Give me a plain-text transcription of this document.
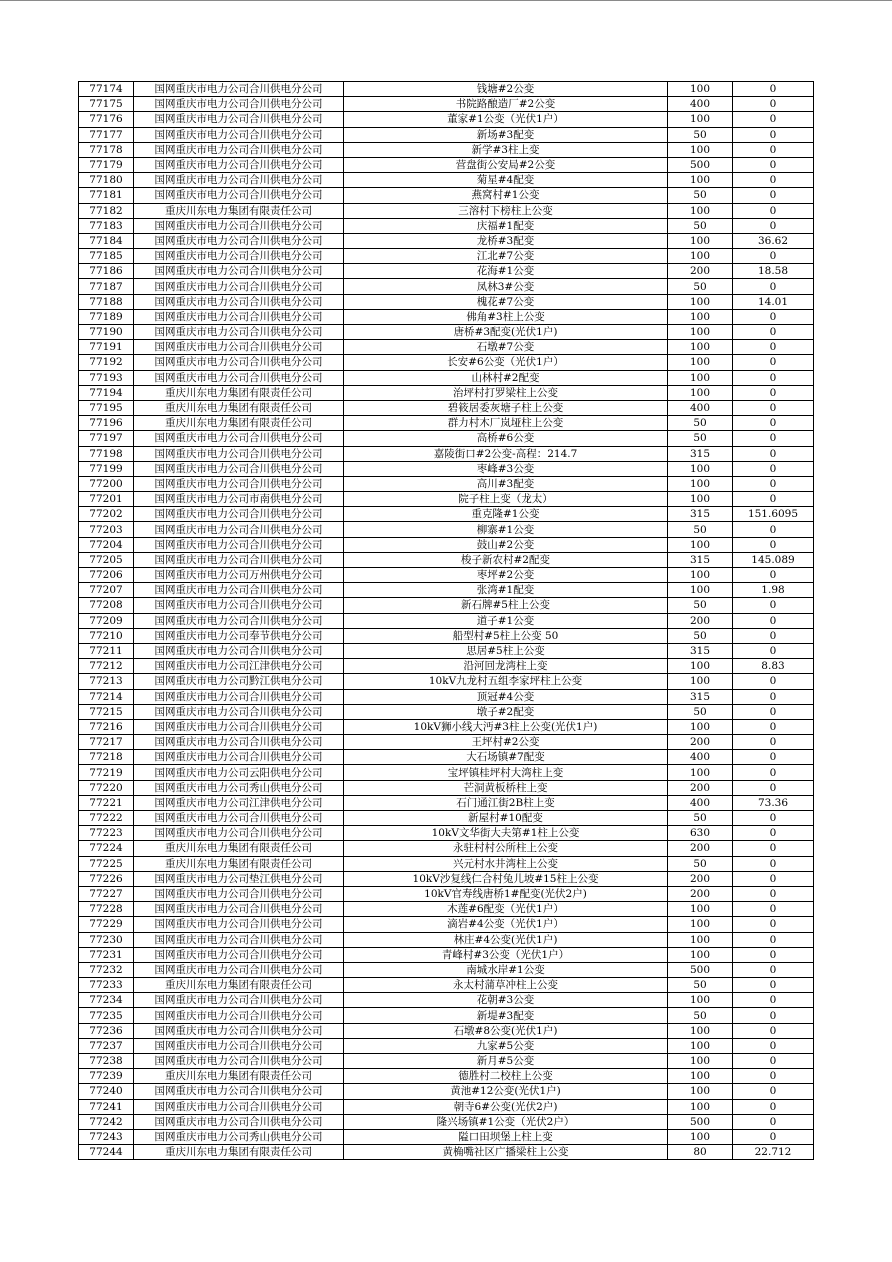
77174	国网重庆市电力公司合川供电分公司	钱塘#2公变	100	0
77175	国网重庆市电力公司合川供电分公司	书院路酿造厂#2公变	400	0
77176	国网重庆市电力公司合川供电分公司	董家#1公变（光伏1户）	100	0
77177	国网重庆市电力公司合川供电分公司	新场#3配变	50	0
77178	国网重庆市电力公司合川供电分公司	新学#3柱上变	100	0
77179	国网重庆市电力公司合川供电分公司	营盘街公安局#2公变	500	0
77180	国网重庆市电力公司合川供电分公司	菊星#4配变	100	0
77181	国网重庆市电力公司合川供电分公司	燕窝村#1公变	50	0
77182	重庆川东电力集团有限责任公司	三溶村下榜柱上公变	100	0
77183	国网重庆市电力公司合川供电分公司	庆福#1配变	50	0
77184	国网重庆市电力公司合川供电分公司	龙桥#3配变	100	36.62
77185	国网重庆市电力公司合川供电分公司	江北#7公变	100	0
77186	国网重庆市电力公司合川供电分公司	花海#1公变	200	18.58
77187	国网重庆市电力公司合川供电分公司	凤林3#公变	50	0
77188	国网重庆市电力公司合川供电分公司	槐花#7公变	100	14.01
77189	国网重庆市电力公司合川供电分公司	佛角#3柱上公变	100	0
77190	国网重庆市电力公司合川供电分公司	唐桥#3配变(光伏1户)	100	0
77191	国网重庆市电力公司合川供电分公司	石墩#7公变	100	0
77192	国网重庆市电力公司合川供电分公司	长安#6公变（光伏1户）	100	0
77193	国网重庆市电力公司合川供电分公司	山林村#2配变	100	0
77194	重庆川东电力集团有限责任公司	治坪村打罗梁柱上公变	100	0
77195	重庆川东电力集团有限责任公司	碧筱居委灰塘子柱上公变	400	0
77196	重庆川东电力集团有限责任公司	群力村木厂岚垭柱上公变	50	0
77197	国网重庆市电力公司合川供电分公司	高桥#6公变	50	0
77198	国网重庆市电力公司合川供电分公司	嘉陵街口#2公变-高程：214.7	315	0
77199	国网重庆市电力公司合川供电分公司	枣峰#3公变	100	0
77200	国网重庆市电力公司合川供电分公司	高川#3配变	100	0
77201	国网重庆市电力公司市南供电分公司	院子柱上变（龙太）	100	0
77202	国网重庆市电力公司合川供电分公司	重克隆#1公变	315	151.6095
77203	国网重庆市电力公司合川供电分公司	柳寨#1公变	50	0
77204	国网重庆市电力公司合川供电分公司	鼓山#2公变	100	0
77205	国网重庆市电力公司合川供电分公司	梭子新农村#2配变	315	145.089
77206	国网重庆市电力公司万州供电分公司	枣坪#2公变	100	0
77207	国网重庆市电力公司合川供电分公司	张湾#1配变	100	1.98
77208	国网重庆市电力公司合川供电分公司	新石牌#5柱上公变	50	0
77209	国网重庆市电力公司合川供电分公司	道子#1公变	200	0
77210	国网重庆市电力公司奉节供电分公司	船型村#5柱上公变 50	50	0
77211	国网重庆市电力公司合川供电分公司	思居#5柱上公变	315	0
77212	国网重庆市电力公司江津供电分公司	沿河回龙湾柱上变	100	8.83
77213	国网重庆市电力公司黔江供电分公司	10kV九龙村五组李家坪柱上公变	100	0
77214	国网重庆市电力公司合川供电分公司	顶冠#4公变	315	0
77215	国网重庆市电力公司合川供电分公司	墩子#2配变	50	0
77216	国网重庆市电力公司合川供电分公司	10kV狮小线大沔#3柱上公变(光伏1户)	100	0
77217	国网重庆市电力公司合川供电分公司	王坪村#2公变	200	0
77218	国网重庆市电力公司合川供电分公司	大石场镇#7配变	400	0
77219	国网重庆市电力公司云阳供电分公司	宝坪镇桂坪村大湾柱上变	100	0
77220	国网重庆市电力公司秀山供电分公司	芒洞黄板桥柱上变	200	0
77221	国网重庆市电力公司江津供电分公司	石门通江街2B柱上变	400	73.36
77222	国网重庆市电力公司合川供电分公司	新屋村#10配变	50	0
77223	国网重庆市电力公司合川供电分公司	10kV文华街大夫第#1柱上公变	630	0
77224	重庆川东电力集团有限责任公司	永驻村村公所柱上公变	200	0
77225	重庆川东电力集团有限责任公司	兴元村水井湾柱上公变	50	0
77226	国网重庆市电力公司垫江供电分公司	10kV沙复线仁合村兔儿坡#15柱上公变	200	0
77227	国网重庆市电力公司合川供电分公司	10kV官寿线唐桥1#配变(光伏2户)	200	0
77228	国网重庆市电力公司合川供电分公司	木莲#6配变（光伏1户）	100	0
77229	国网重庆市电力公司合川供电分公司	滴岩#4公变（光伏1户）	100	0
77230	国网重庆市电力公司合川供电分公司	林庄#4公变(光伏1户)	100	0
77231	国网重庆市电力公司合川供电分公司	青峰村#3公变（光伏1户）	100	0
77232	国网重庆市电力公司合川供电分公司	南城水岸#1公变	500	0
77233	重庆川东电力集团有限责任公司	永太村蒲草冲柱上公变	50	0
77234	国网重庆市电力公司合川供电分公司	花朝#3公变	100	0
77235	国网重庆市电力公司合川供电分公司	新堤#3配变	50	0
77236	国网重庆市电力公司合川供电分公司	石墩#8公变(光伏1户)	100	0
77237	国网重庆市电力公司合川供电分公司	九家#5公变	100	0
77238	国网重庆市电力公司合川供电分公司	新月#5公变	100	0
77239	重庆川东电力集团有限责任公司	德胜村二校柱上公变	100	0
77240	国网重庆市电力公司合川供电分公司	黄池#12公变(光伏1户)	100	0
77241	国网重庆市电力公司合川供电分公司	朝寺6#公变(光伏2户)	100	0
77242	国网重庆市电力公司合川供电分公司	隆兴场镇#1公变（光伏2户）	500	0
77243	国网重庆市电力公司秀山供电分公司	隘口田坝堡上柱上变	100	0
77244	重庆川东电力集团有限责任公司	黄桷嘴社区广播梁柱上公变	80	22.712
